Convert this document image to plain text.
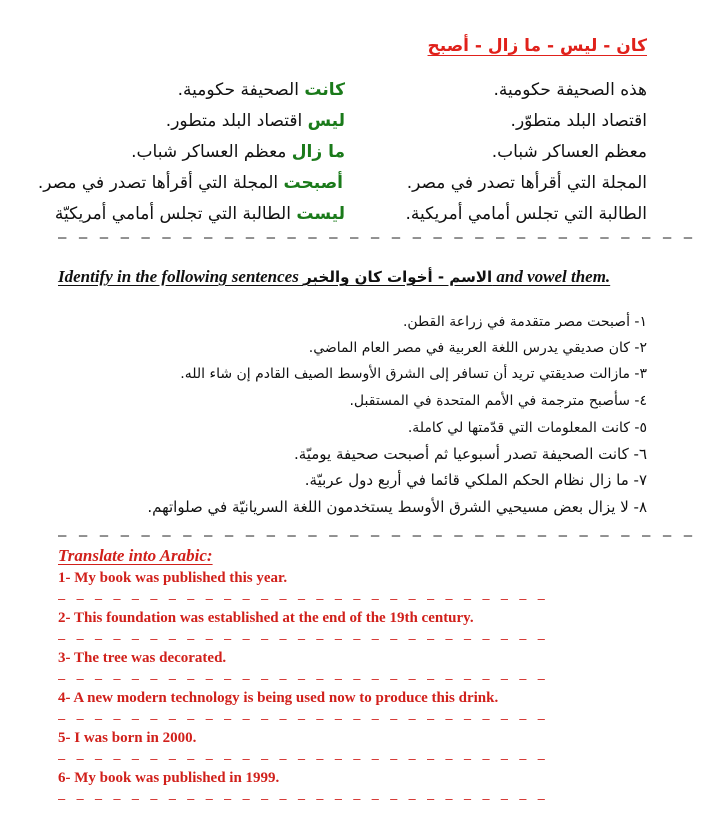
كان - ليس - ما زال - أصبح
هذه الصحيفة حكومية.
كانت الصحيفة حكومية.
اقتصاد البلد متطوّر.
ليس اقتصاد البلد متطور.
معظم العساكر شباب.
ما زال معظم العساكر شباب.
المجلة التي أقرأها تصدر في مصر.
أصبحت المجلة التي أقرأها تصدر في مصر.
الطالبة التي تجلس أمامي أمريكية.
ليست الطالبة التي تجلس أمامي أمريكيّة
— — — — — — — — — — — — — — — — — — — — — — — — — — — — — — —
Identify in the following sentences الاسم - أخوات كان والخبر and vowel them.
١- أصبحت مصر متقدمة في زراعة القطن.
٢- كان صديقي يدرس اللغة العربية في مصر العام الماضي.
٣- مازالت صديقتي تريد أن تسافر إلى الشرق الأوسط الصيف القادم إن شاء الله.
٤- سأصبح مترجمة في الأمم المتحدة في المستقبل.
٥- كانت المعلومات التي قدّمتها لي كاملة.
٦- كانت الصحيفة تصدر أسبوعيا ثم أصبحت صحيفة يوميّة.
٧- ما زال نظام الحكم الملكي قائما في أربع دول عربيّة.
٨- لا يزال بعض مسيحيي الشرق الأوسط يستخدمون اللغة السريانيّة في صلواتهم.
— — — — — — — — — — — — — — — — — — — — — — — — — — — — — — —
Translate into Arabic:
1- My book was published this year.
— — — — — — — — — — — — — — — — — — — — — — — — — — —
2- This foundation was established at the end of the 19th century.
— — — — — — — — — — — — — — — — — — — — — — — — — — —
3- The tree was decorated.
— — — — — — — — — — — — — — — — — — — — — — — — — — —
4- A new modern technology is being used now to produce this drink.
— — — — — — — — — — — — — — — — — — — — — — — — — — —
5- I was born in 2000.
— — — — — — — — — — — — — — — — — — — — — — — — — — —
6- My book was published in 1999.
— — — — — — — — — — — — — — — — — — — — — — — — — — —
